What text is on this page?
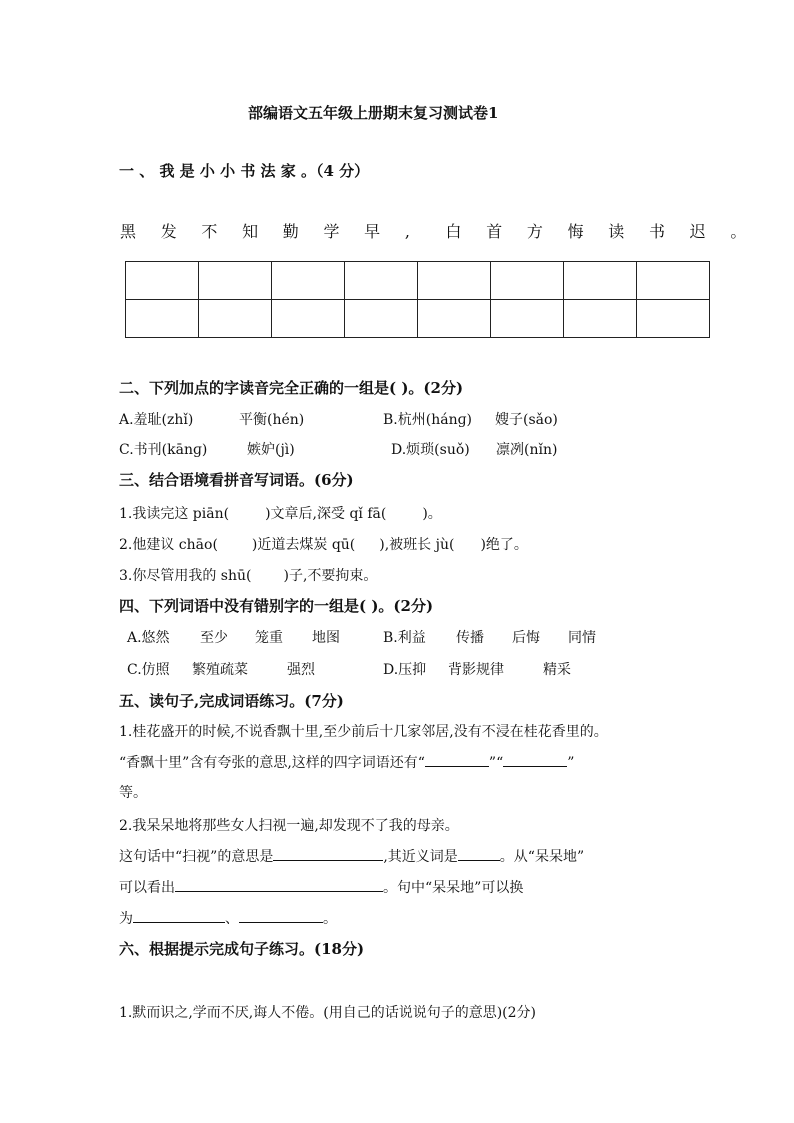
部编语文五年级上册期末复习测试卷1
一 、 我 是 小 小 书 法 家 。（4 分）
黑 发 不 知 勤 学 早 , 白 首 方 悔 读 书 迟 。

二、下列加点的字读音完全正确的一组是( )。(2分)
A.羞耻(zhǐ)	平衡(hén)	B.杭州(hánɡ) 嫂子(sǎo)
C.书刊(kānɡ)	嫉妒(jì)	D.烦琐(suǒ) 凛冽(nǐn)
三、结合语境看拼音写词语。(6分)
1.我读完这 piān(	)文章后,深受 qǐ fā(	)。
2.他建议 chāo( )近道去煤炭 qū( ),被班长 jù( )绝了。
3.你尽管用我的 shū( )子,不要拘束。
四、下列词语中没有错别字的一组是( )。(2分)
A.悠然 至少 笼重 地图	B.利益 传播 后悔 同情
C.仿照 繁殖疏菜	强烈	D.压抑 背影规律	精采
五、读句子,完成词语练习。(7分)
1.桂花盛开的时候,不说香飘十里,至少前后十几家邻居,没有不浸在桂花香里的。
“香飘十里”含有夸张的意思,这样的四字词语还有“	”“	”
等。
2.我呆呆地将那些女人扫视一遍,却发现不了我的母亲。
这句话中“扫视”的意思是	,其近义词是	。从“呆呆地”
可以看出	。句中“呆呆地”可以换
为	、	。
六、根据提示完成句子练习。(18分)
1.默而识之,学而不厌,诲人不倦。(用自己的话说说句子的意思)(2分)
